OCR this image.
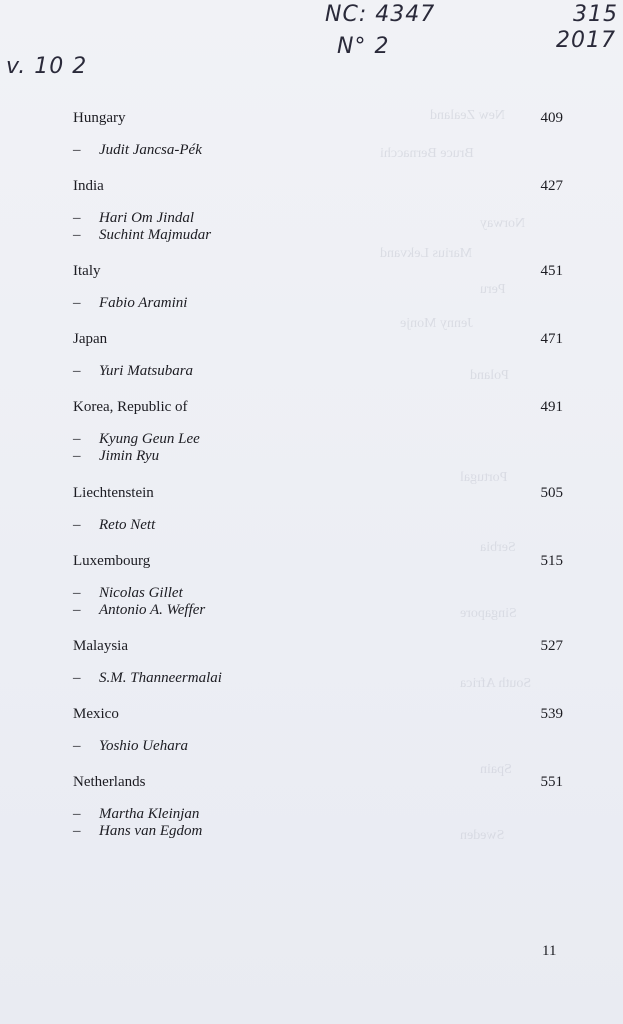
New Zealand
Bruce Bernacchi
Norway
Marius Lekvand
Peru
Jenny Monje
Poland
Portugal
Serbia
Singapore
South Africa
Spain
Sweden
v. 10 2
NC: 4347
N° 2
315
2017
Hungary	409
– Judit Jancsa-Pék
India	427
– Hari Om Jindal
– Suchint Majmudar
Italy	451
– Fabio Aramini
Japan	471
– Yuri Matsubara
Korea, Republic of	491
– Kyung Geun Lee
– Jimin Ryu
Liechtenstein	505
– Reto Nett
Luxembourg	515
– Nicolas Gillet
– Antonio A. Weffer
Malaysia	527
– S.M. Thanneermalai
Mexico	539
– Yoshio Uehara
Netherlands	551
– Martha Kleinjan
– Hans van Egdom
11
